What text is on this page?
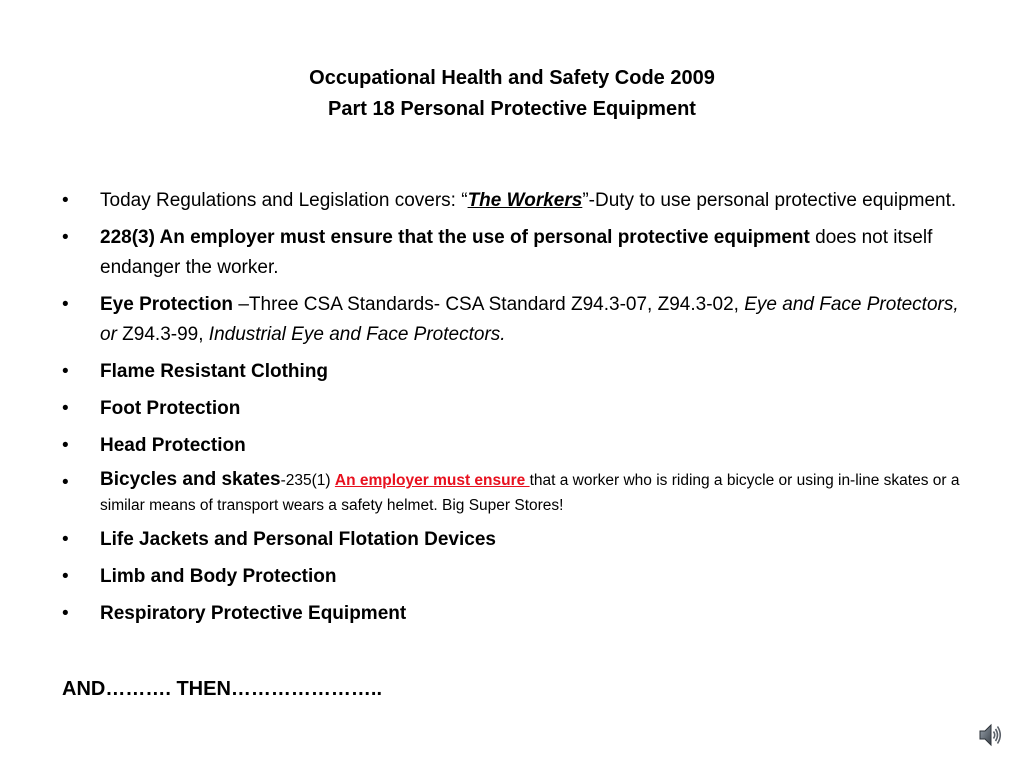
Occupational Health and Safety Code 2009
Part 18 Personal Protective Equipment
•	Today Regulations and Legislation covers: “The Workers”-Duty to use personal protective equipment.
•	228(3) An employer must ensure that the use of personal protective equipment does not itself endanger the worker.
•	Eye Protection –Three CSA Standards- CSA Standard Z94.3-07, Z94.3-02, Eye and Face Protectors, or Z94.3-99, Industrial Eye and Face Protectors.
•	Flame Resistant Clothing
•	Foot Protection
•	Head Protection
•	Bicycles and skates-235(1) An employer must ensure that a worker who is riding a bicycle or using in-line skates or a similar means of transport wears a safety helmet. Big Super Stores!
•	Life Jackets and Personal Flotation Devices
•	Limb and Body Protection
•	Respiratory Protective Equipment
AND………. THEN…………………..
